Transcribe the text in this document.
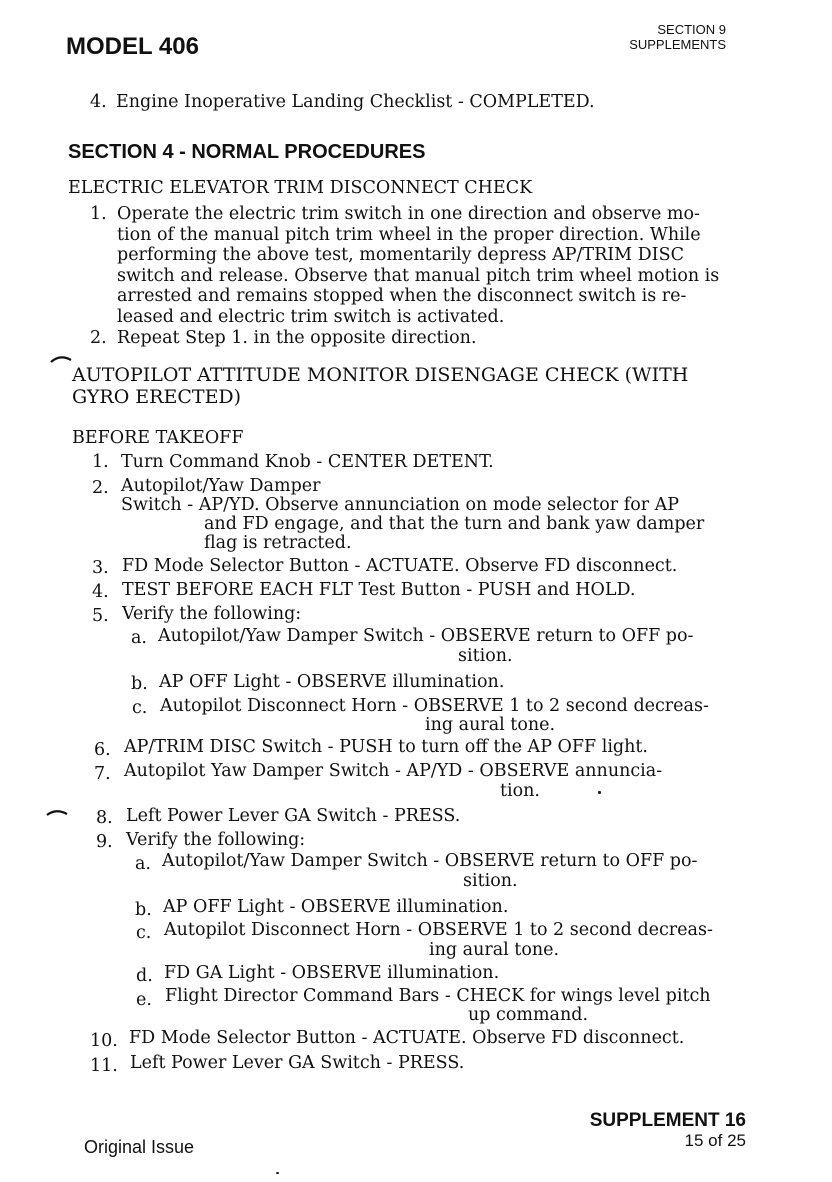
MODEL 406
SECTION 9
SUPPLEMENTS
4. Engine Inoperative Landing Checklist - COMPLETED.
SECTION 4 - NORMAL PROCEDURES
ELECTRIC ELEVATOR TRIM DISCONNECT CHECK
1. Operate the electric trim switch in one direction and observe mo-
tion of the manual pitch trim wheel in the proper direction. While
performing the above test, momentarily depress AP/TRIM DISC
switch and release. Observe that manual pitch trim wheel motion is
arrested and remains stopped when the disconnect switch is re-
leased and electric trim switch is activated.
2. Repeat Step 1. in the opposite direction.
AUTOPILOT ATTITUDE MONITOR DISENGAGE CHECK (WITH
GYRO ERECTED)
BEFORE TAKEOFF
1. Turn Command Knob - CENTER DETENT.
2. Autopilot/Yaw Damper
Switch - AP/YD. Observe annunciation on mode selector for AP
and FD engage, and that the turn and bank yaw damper
flag is retracted.
3. FD Mode Selector Button - ACTUATE. Observe FD disconnect.
4. TEST BEFORE EACH FLT Test Button - PUSH and HOLD.
5. Verify the following:
a. Autopilot/Yaw Damper Switch - OBSERVE return to OFF po-
sition.
b. AP OFF Light - OBSERVE illumination.
c. Autopilot Disconnect Horn - OBSERVE 1 to 2 second decreas-
ing aural tone.
6. AP/TRIM DISC Switch - PUSH to turn off the AP OFF light.
7. Autopilot Yaw Damper Switch - AP/YD - OBSERVE annuncia-
tion.
8. Left Power Lever GA Switch - PRESS.
9. Verify the following:
a. Autopilot/Yaw Damper Switch - OBSERVE return to OFF po-
sition.
b. AP OFF Light - OBSERVE illumination.
c. Autopilot Disconnect Horn - OBSERVE 1 to 2 second decreas-
ing aural tone.
d. FD GA Light - OBSERVE illumination.
e. Flight Director Command Bars - CHECK for wings level pitch
up command.
10. FD Mode Selector Button - ACTUATE. Observe FD disconnect.
11. Left Power Lever GA Switch - PRESS.
SUPPLEMENT 16
15 of 25
Original Issue
